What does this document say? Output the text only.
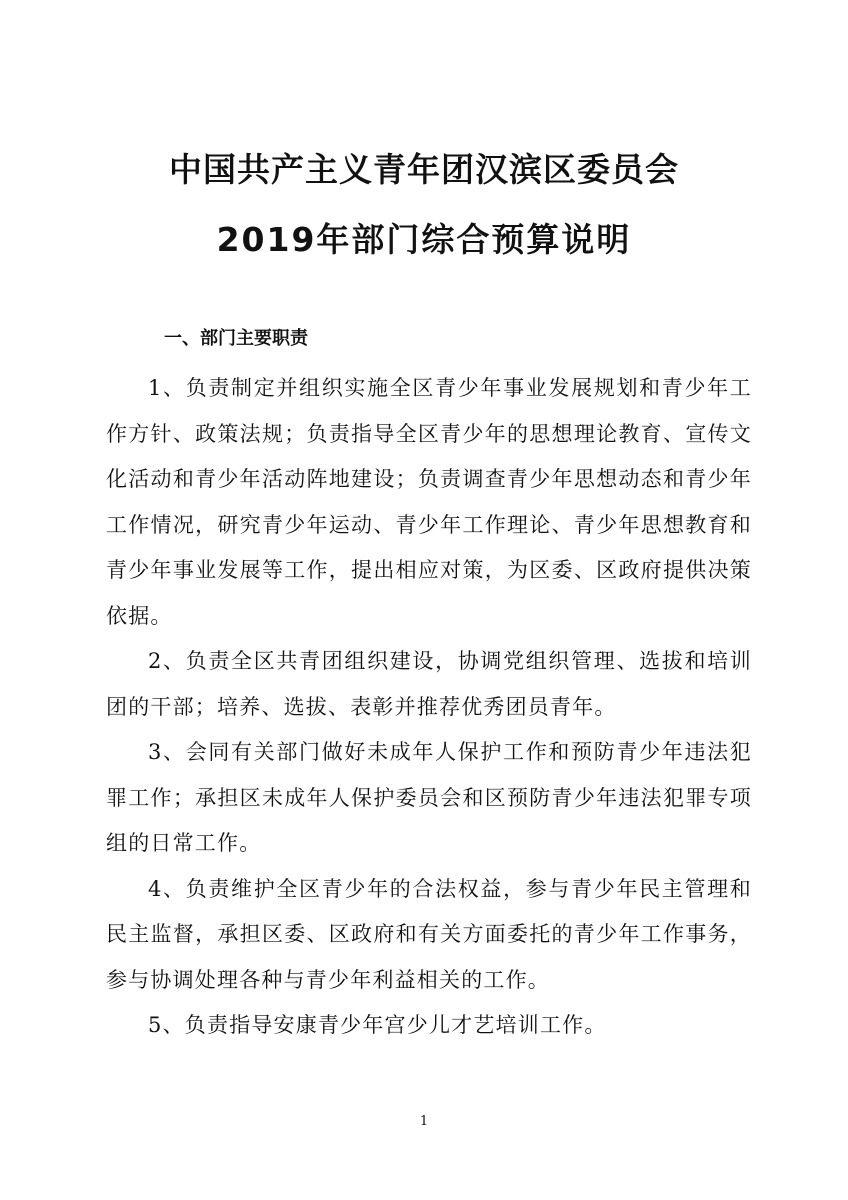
中国共产主义青年团汉滨区委员会
2019年部门综合预算说明
一、部门主要职责

1、负责制定并组织实施全区青少年事业发展规划和青少年工作方针、政策法规；负责指导全区青少年的思想理论教育、宣传文化活动和青少年活动阵地建设；负责调查青少年思想动态和青少年工作情况，研究青少年运动、青少年工作理论、青少年思想教育和青少年事业发展等工作，提出相应对策，为区委、区政府提供决策依据。

2、负责全区共青团组织建设，协调党组织管理、选拔和培训团的干部；培养、选拔、表彰并推荐优秀团员青年。

3、会同有关部门做好未成年人保护工作和预防青少年违法犯罪工作；承担区未成年人保护委员会和区预防青少年违法犯罪专项组的日常工作。

4、负责维护全区青少年的合法权益，参与青少年民主管理和民主监督，承担区委、区政府和有关方面委托的青少年工作事务，参与协调处理各种与青少年利益相关的工作。

5、负责指导安康青少年宫少儿才艺培训工作。

1
